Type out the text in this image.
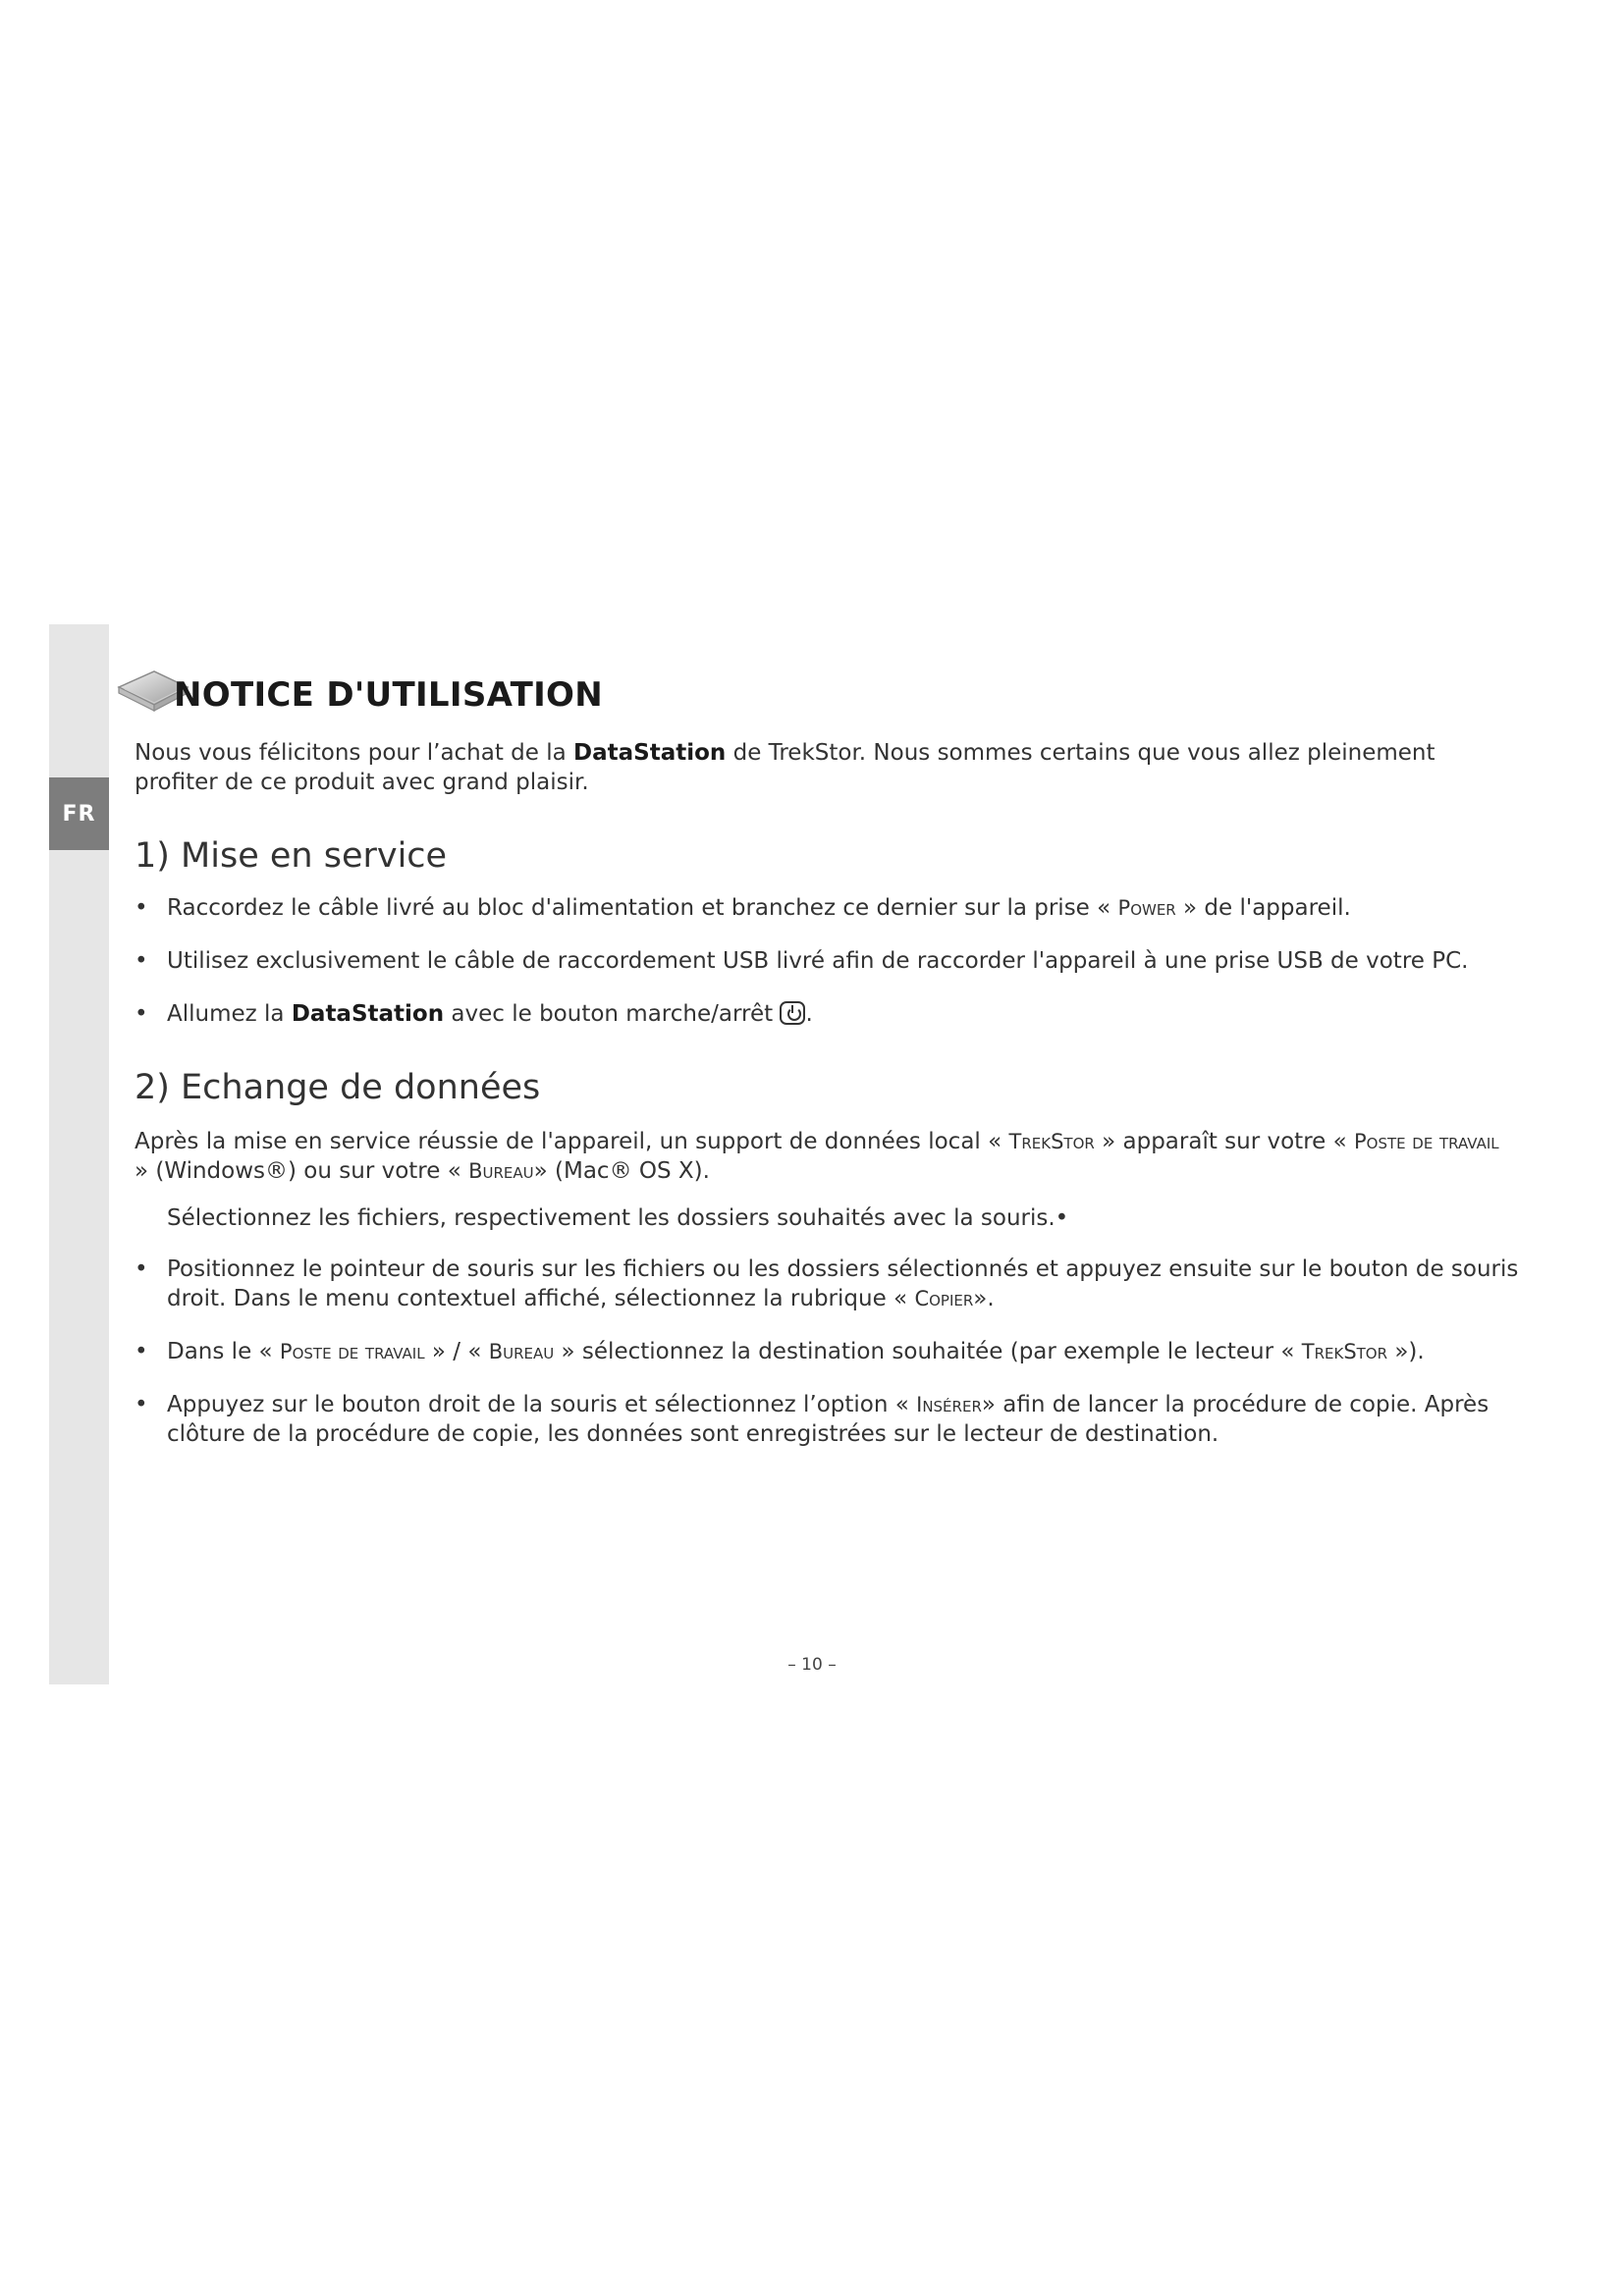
FR
NOTICE D'UTILISATION

Nous vous félicitons pour l’achat de la DataStation de TrekStor. Nous sommes certains que vous allez pleinement profiter de ce produit avec grand plaisir.

1) Mise en service
• Raccordez le câble livré au bloc d'alimentation et branchez ce dernier sur la prise « Power » de l'appareil.
• Utilisez exclusivement le câble de raccordement USB livré afin de raccorder l'appareil à une prise USB de votre PC.
• Allumez la DataStation avec le bouton marche/arrêt .
2) Echange de données

Après la mise en service réussie de l'appareil, un support de données local « TrekStor » apparaît sur votre « Poste de travail » (Windows®) ou sur votre « Bureau» (Mac® OS X).

Sélectionnez les fichiers, respectivement les dossiers souhaités avec la souris.•
• Positionnez le pointeur de souris sur les fichiers ou les dossiers sélectionnés et appuyez ensuite sur le bouton de souris droit. Dans le menu contextuel affiché, sélectionnez la rubrique « Copier».
• Dans le « Poste de travail » / « Bureau » sélectionnez la destination souhaitée (par exemple le lecteur « TrekStor »).
• Appuyez sur le bouton droit de la souris et sélectionnez l’option « Insérer» afin de lancer la procédure de copie. Après clôture de la procédure de copie, les données sont enregistrées sur le lecteur de destination.
– 10 –
